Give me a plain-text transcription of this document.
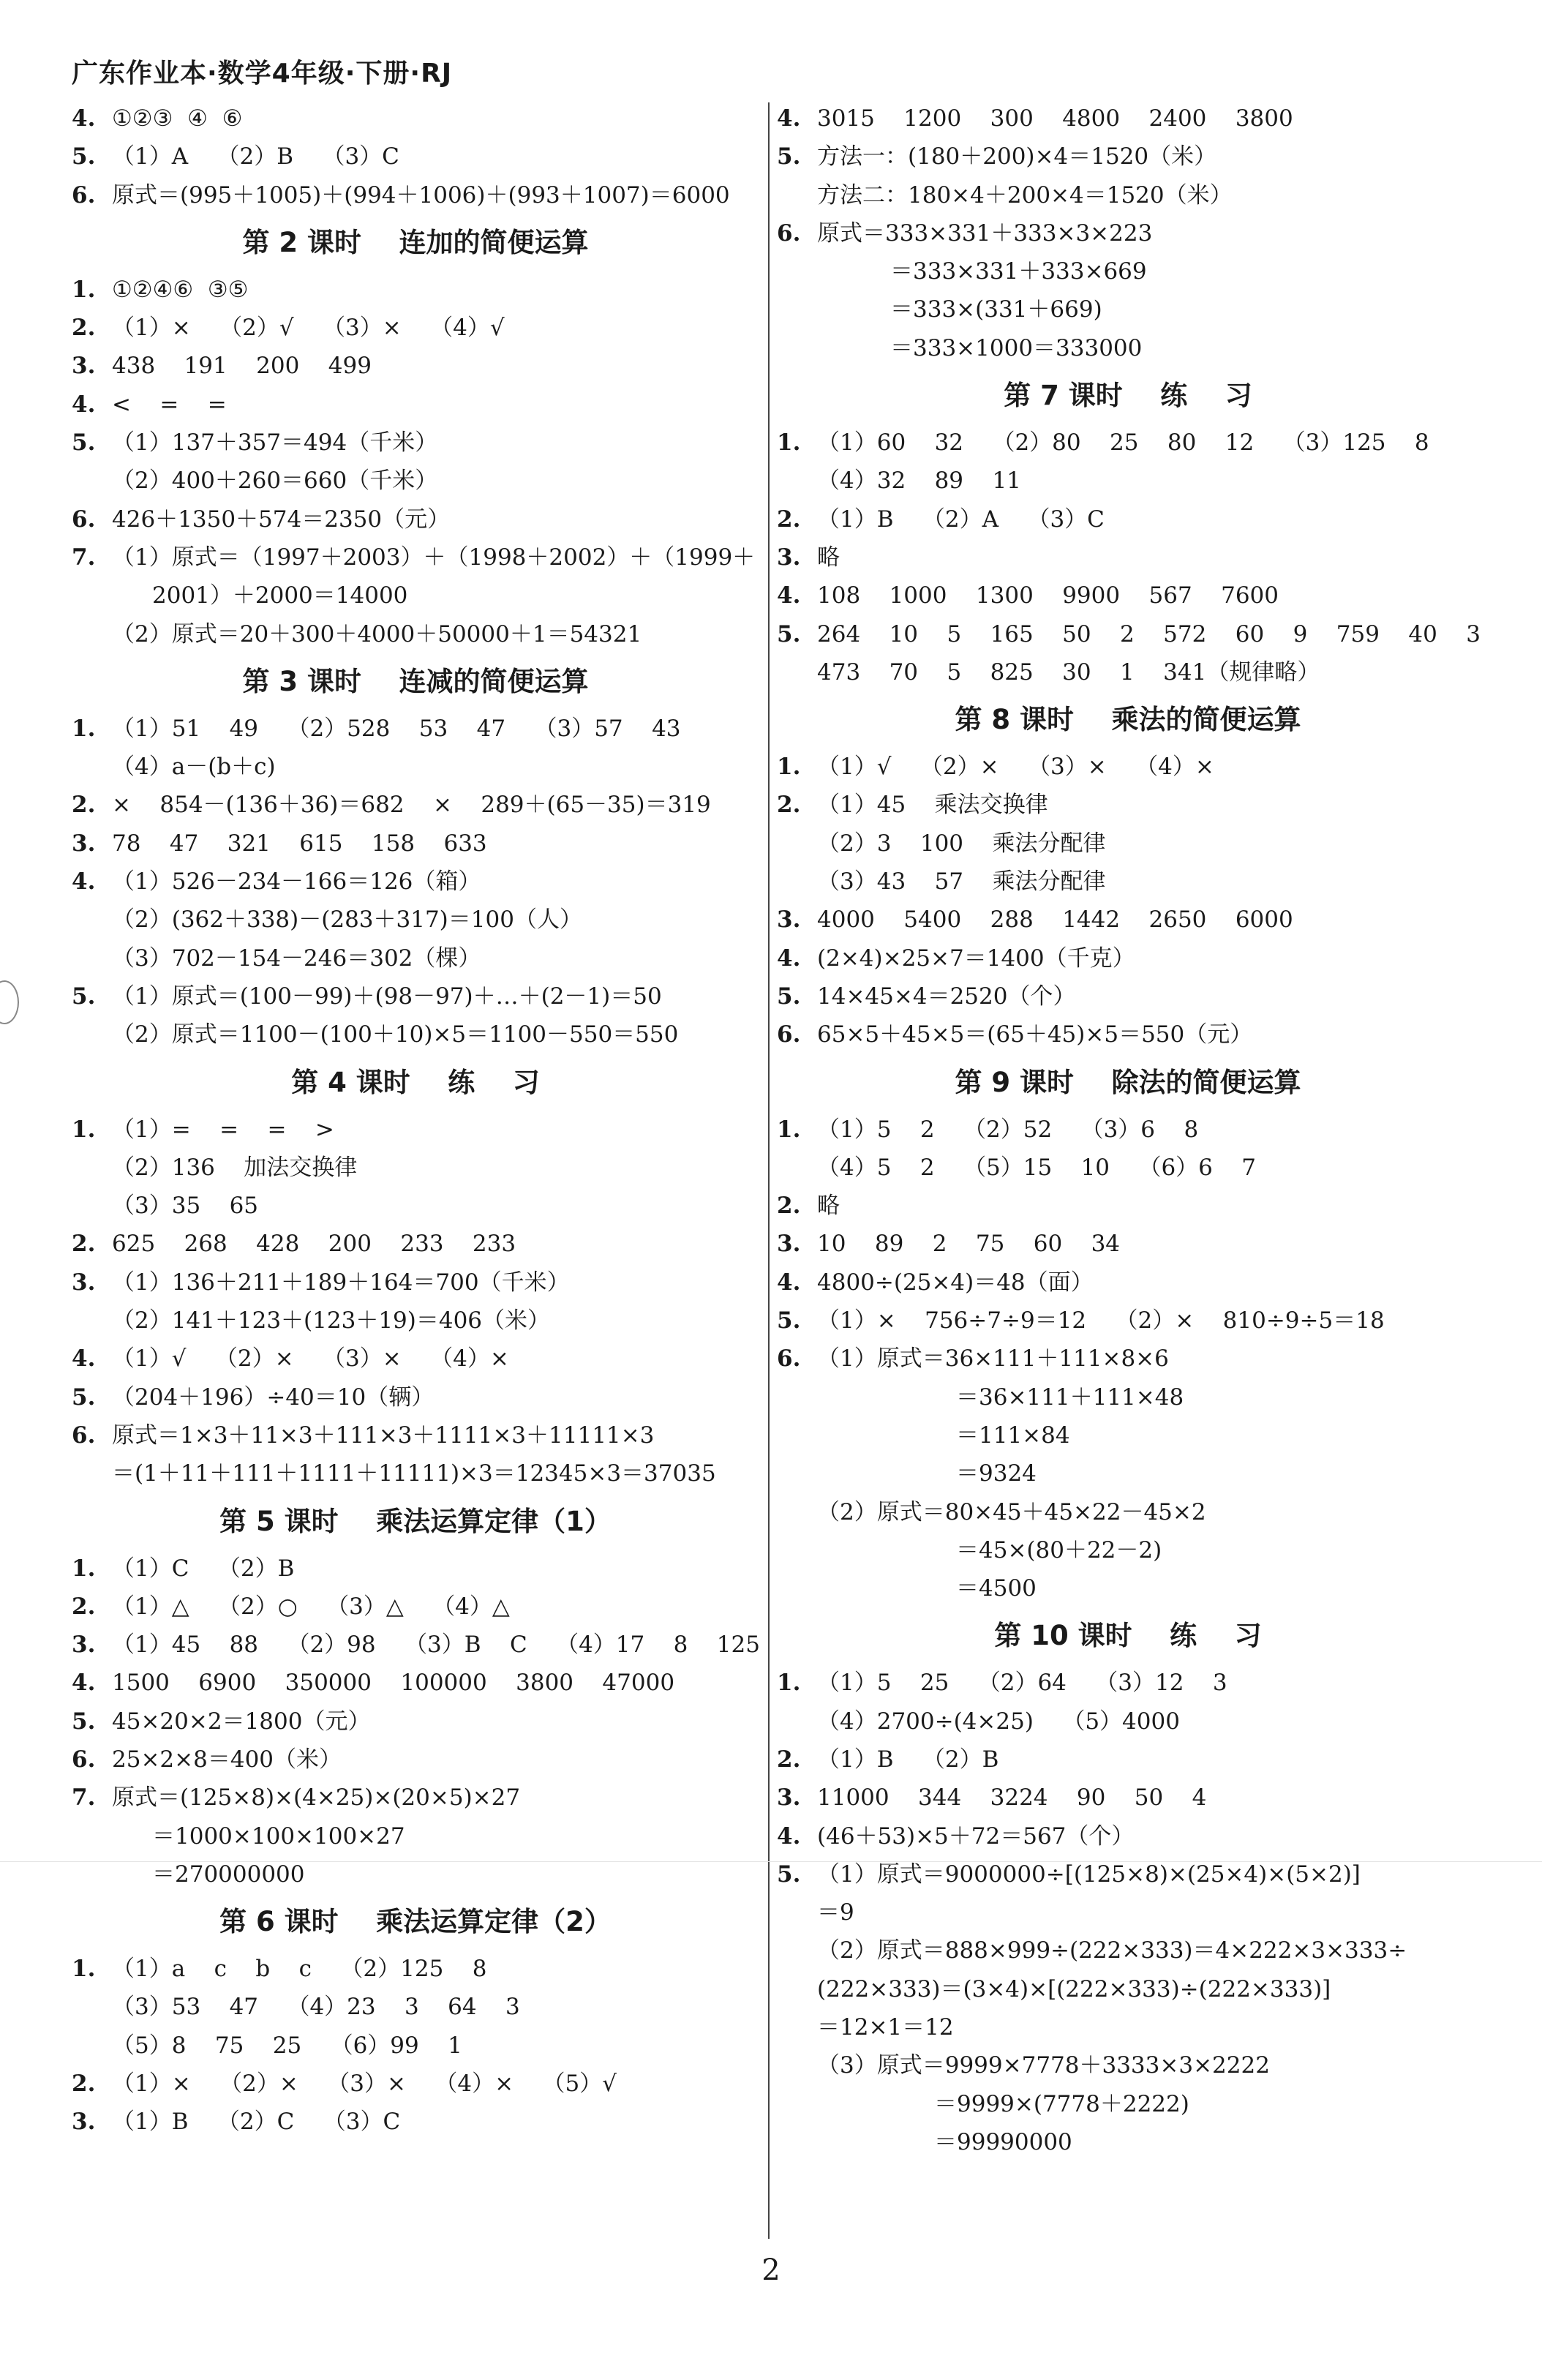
广东作业本·数学4年级·下册·RJ
4. ①②③  ④  ⑥
5. （1）A    （2）B    （3）C
6. 原式＝(995＋1005)＋(994＋1006)＋(993＋1007)＝6000
第 2 课时    连加的简便运算
1. ①②④⑥  ③⑤
2. （1）×    （2）√    （3）×    （4）√
3. 438    191    200    499
4. <    =    =
5. （1）137＋357＝494（千米）
（2）400＋260＝660（千米）
6. 426＋1350＋574＝2350（元）
7. （1）原式＝（1997＋2003）＋（1998＋2002）＋（1999＋
2001）＋2000＝14000
（2）原式＝20＋300＋4000＋50000＋1＝54321
第 3 课时    连减的简便运算
1. （1）51    49    （2）528    53    47    （3）57    43
（4）a－(b＋c)
2. ×    854－(136＋36)＝682    ×    289＋(65－35)＝319
3. 78    47    321    615    158    633
4. （1）526－234－166＝126（箱）
（2）(362＋338)－(283＋317)＝100（人）
（3）702－154－246＝302（棵）
5. （1）原式＝(100－99)＋(98－97)＋…＋(2－1)＝50
（2）原式＝1100－(100＋10)×5＝1100－550＝550
第 4 课时    练    习
1. （1）=    =    =    >
（2）136    加法交换律
（3）35    65
2. 625    268    428    200    233    233
3. （1）136＋211＋189＋164＝700（千米）
（2）141＋123＋(123＋19)＝406（米）
4. （1）√    （2）×    （3）×    （4）×
5. （204＋196）÷40＝10（辆）
6. 原式＝1×3＋11×3＋111×3＋1111×3＋11111×3
＝(1＋11＋111＋1111＋11111)×3＝12345×3＝37035
第 5 课时    乘法运算定律（1）
1. （1）C    （2）B
2. （1）△    （2）○    （3）△    （4）△
3. （1）45    88    （2）98    （3）B    C    （4）17    8    125
4. 1500    6900    350000    100000    3800    47000
5. 45×20×2＝1800（元）
6. 25×2×8＝400（米）
7. 原式＝(125×8)×(4×25)×(20×5)×27
＝1000×100×100×27
＝270000000
第 6 课时    乘法运算定律（2）
1. （1）a    c    b    c    （2）125    8
（3）53    47    （4）23    3    64    3
（5）8    75    25    （6）99    1
2. （1）×    （2）×    （3）×    （4）×    （5）√
3. （1）B    （2）C    （3）C
4. 3015    1200    300    4800    2400    3800
5. 方法一：(180＋200)×4＝1520（米）
方法二：180×4＋200×4＝1520（米）
6. 原式＝333×331＋333×3×223
＝333×331＋333×669
＝333×(331＋669)
＝333×1000＝333000
第 7 课时    练    习
1. （1）60    32    （2）80    25    80    12    （3）125    8
（4）32    89    11
2. （1）B    （2）A    （3）C
3. 略
4. 108    1000    1300    9900    567    7600
5. 264    10    5    165    50    2    572    60    9    759    40    3
473    70    5    825    30    1    341（规律略）
第 8 课时    乘法的简便运算
1. （1）√    （2）×    （3）×    （4）×
2. （1）45    乘法交换律
（2）3    100    乘法分配律
（3）43    57    乘法分配律
3. 4000    5400    288    1442    2650    6000
4. (2×4)×25×7＝1400（千克）
5. 14×45×4＝2520（个）
6. 65×5＋45×5＝(65＋45)×5＝550（元）
第 9 课时    除法的简便运算
1. （1）5    2    （2）52    （3）6    8
（4）5    2    （5）15    10    （6）6    7
2. 略
3. 10    89    2    75    60    34
4. 4800÷(25×4)＝48（面）
5. （1）×    756÷7÷9＝12    （2）×    810÷9÷5＝18
6. （1）原式＝36×111＋111×8×6
＝36×111＋111×48
＝111×84
＝9324
（2）原式＝80×45＋45×22－45×2
＝45×(80＋22－2)
＝4500
第 10 课时    练    习
1. （1）5    25    （2）64    （3）12    3
（4）2700÷(4×25)    （5）4000
2. （1）B    （2）B
3. 11000    344    3224    90    50    4
4. (46＋53)×5＋72＝567（个）
5. （1）原式＝9000000÷[(125×8)×(25×4)×(5×2)]
＝9
（2）原式＝888×999÷(222×333)＝4×222×3×333÷
(222×333)＝(3×4)×[(222×333)÷(222×333)]
＝12×1＝12
（3）原式＝9999×7778＋3333×3×2222
＝9999×(7778＋2222)
＝99990000
2
